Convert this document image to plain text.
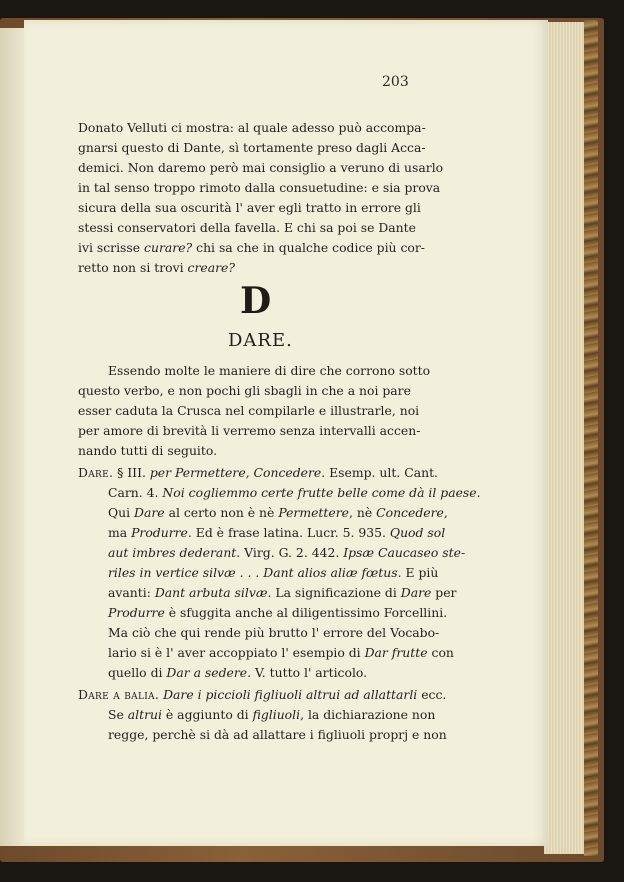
203
Donato Velluti ci mostra: al quale adesso può accompa-
gnarsi questo di Dante, sì tortamente preso dagli Acca-
demici. Non daremo però mai consiglio a veruno di usarlo
in tal senso troppo rimoto dalla consuetudine: e sia prova
sicura della sua oscurità l' aver egli tratto in errore gli
stessi conservatori della favella. E chi sa poi se Dante
ivi scrisse curare? chi sa che in qualche codice più cor-
retto non si trovi creare?
D
DARE.
Essendo molte le maniere di dire che corrono sotto
questo verbo, e non pochi gli sbagli in che a noi pare
esser caduta la Crusca nel compilarle e illustrarle, noi
per amore di brevità li verremo senza intervalli accen-
nando tutti di seguito.
Dare. § III. per Permettere, Concedere. Esemp. ult. Cant.
Carn. 4. Noi cogliemmo certe frutte belle come dà il paese.
Qui Dare al certo non è nè Permettere, nè Concedere,
ma Produrre. Ed è frase latina. Lucr. 5. 935. Quod sol
aut imbres dederant. Virg. G. 2. 442. Ipsæ Caucaseo ste-
riles in vertice silvæ . . . Dant alios aliæ fœtus. E più
avanti: Dant arbuta silvæ. La significazione di Dare per
Produrre è sfuggita anche al diligentissimo Forcellini.
Ma ciò che qui rende più brutto l' errore del Vocabo-
lario si è l' aver accoppiato l' esempio di Dar frutte con
quello di Dar a sedere. V. tutto l' articolo.
Dare a balia. Dare i piccioli figliuoli altrui ad allattarli ecc.
Se altrui è aggiunto di figliuoli, la dichiarazione non
regge, perchè si dà ad allattare i figliuoli proprj e non
